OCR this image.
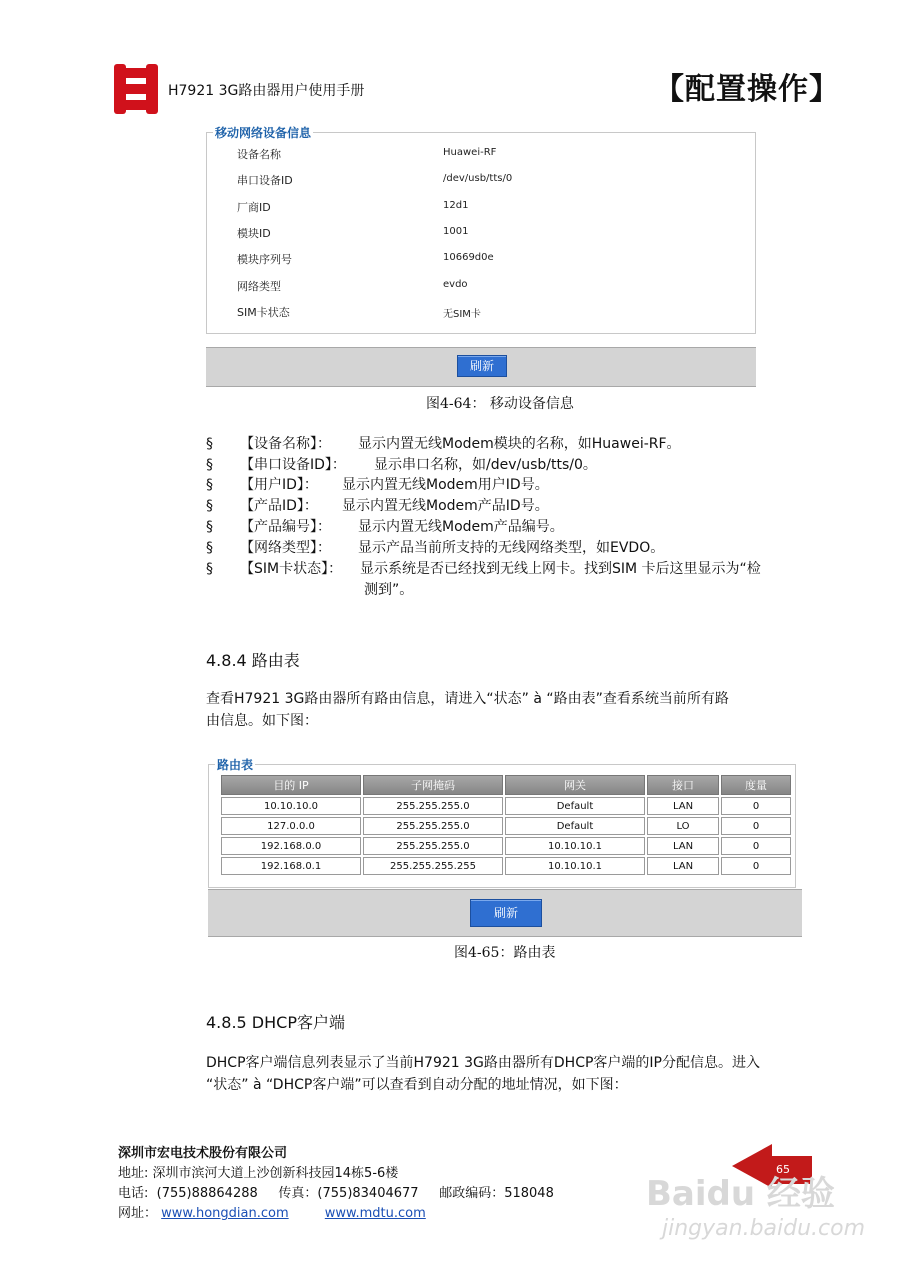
H7921 3G路由器用户使用手册	【配置操作】
移动网络设备信息
设备名称	Huawei-RF
串口设备ID	/dev/usb/tts/0
厂商ID	12d1
模块ID	1001
模块序列号	10669d0e
网络类型	evdo
SIM卡状态	无SIM卡
刷新
图4-64： 移动设备信息
§ 【设备名称】： 显示内置无线Modem模块的名称，如Huawei-RF。
§ 【串口设备ID】： 显示串口名称，如/dev/usb/tts/0。
§ 【用户ID】： 显示内置无线Modem用户ID号。
§ 【产品ID】： 显示内置无线Modem产品ID号。
§ 【产品编号】： 显示内置无线Modem产品编号。
§ 【网络类型】： 显示产品当前所支持的无线网络类型，如EVDO。
§ 【SIM卡状态】： 显示系统是否已经找到无线上网卡。找到SIM 卡后这里显示为“检
测到”。
4.8.4 路由表
查看H7921 3G路由器所有路由信息，请进入“状态” à “路由表”查看系统当前所有路
由信息。如下图：
路由表
目的 IP	子网掩码	网关	接口	度量
10.10.10.0	255.255.255.0	Default	LAN	0
127.0.0.0	255.255.255.0	Default	LO	0
192.168.0.0	255.255.255.0	10.10.10.1	LAN	0
192.168.0.1	255.255.255.255	10.10.10.1	LAN	0
刷新
图4-65：路由表
4.8.5 DHCP客户端
DHCP客户端信息列表显示了当前H7921 3G路由器所有DHCP客户端的IP分配信息。进入
“状态” à “DHCP客户端”可以查看到自动分配的地址情况，如下图：
深圳市宏电技术股份有限公司
地址: 深圳市滨河大道上沙创新科技园14栋5-6楼
电话:  (755)88864288     传真：(755)83404677     邮政编码：518048
网址： www.hongdian.com	www.mdtu.com
65
Baidu 经验
jingyan.baidu.com
